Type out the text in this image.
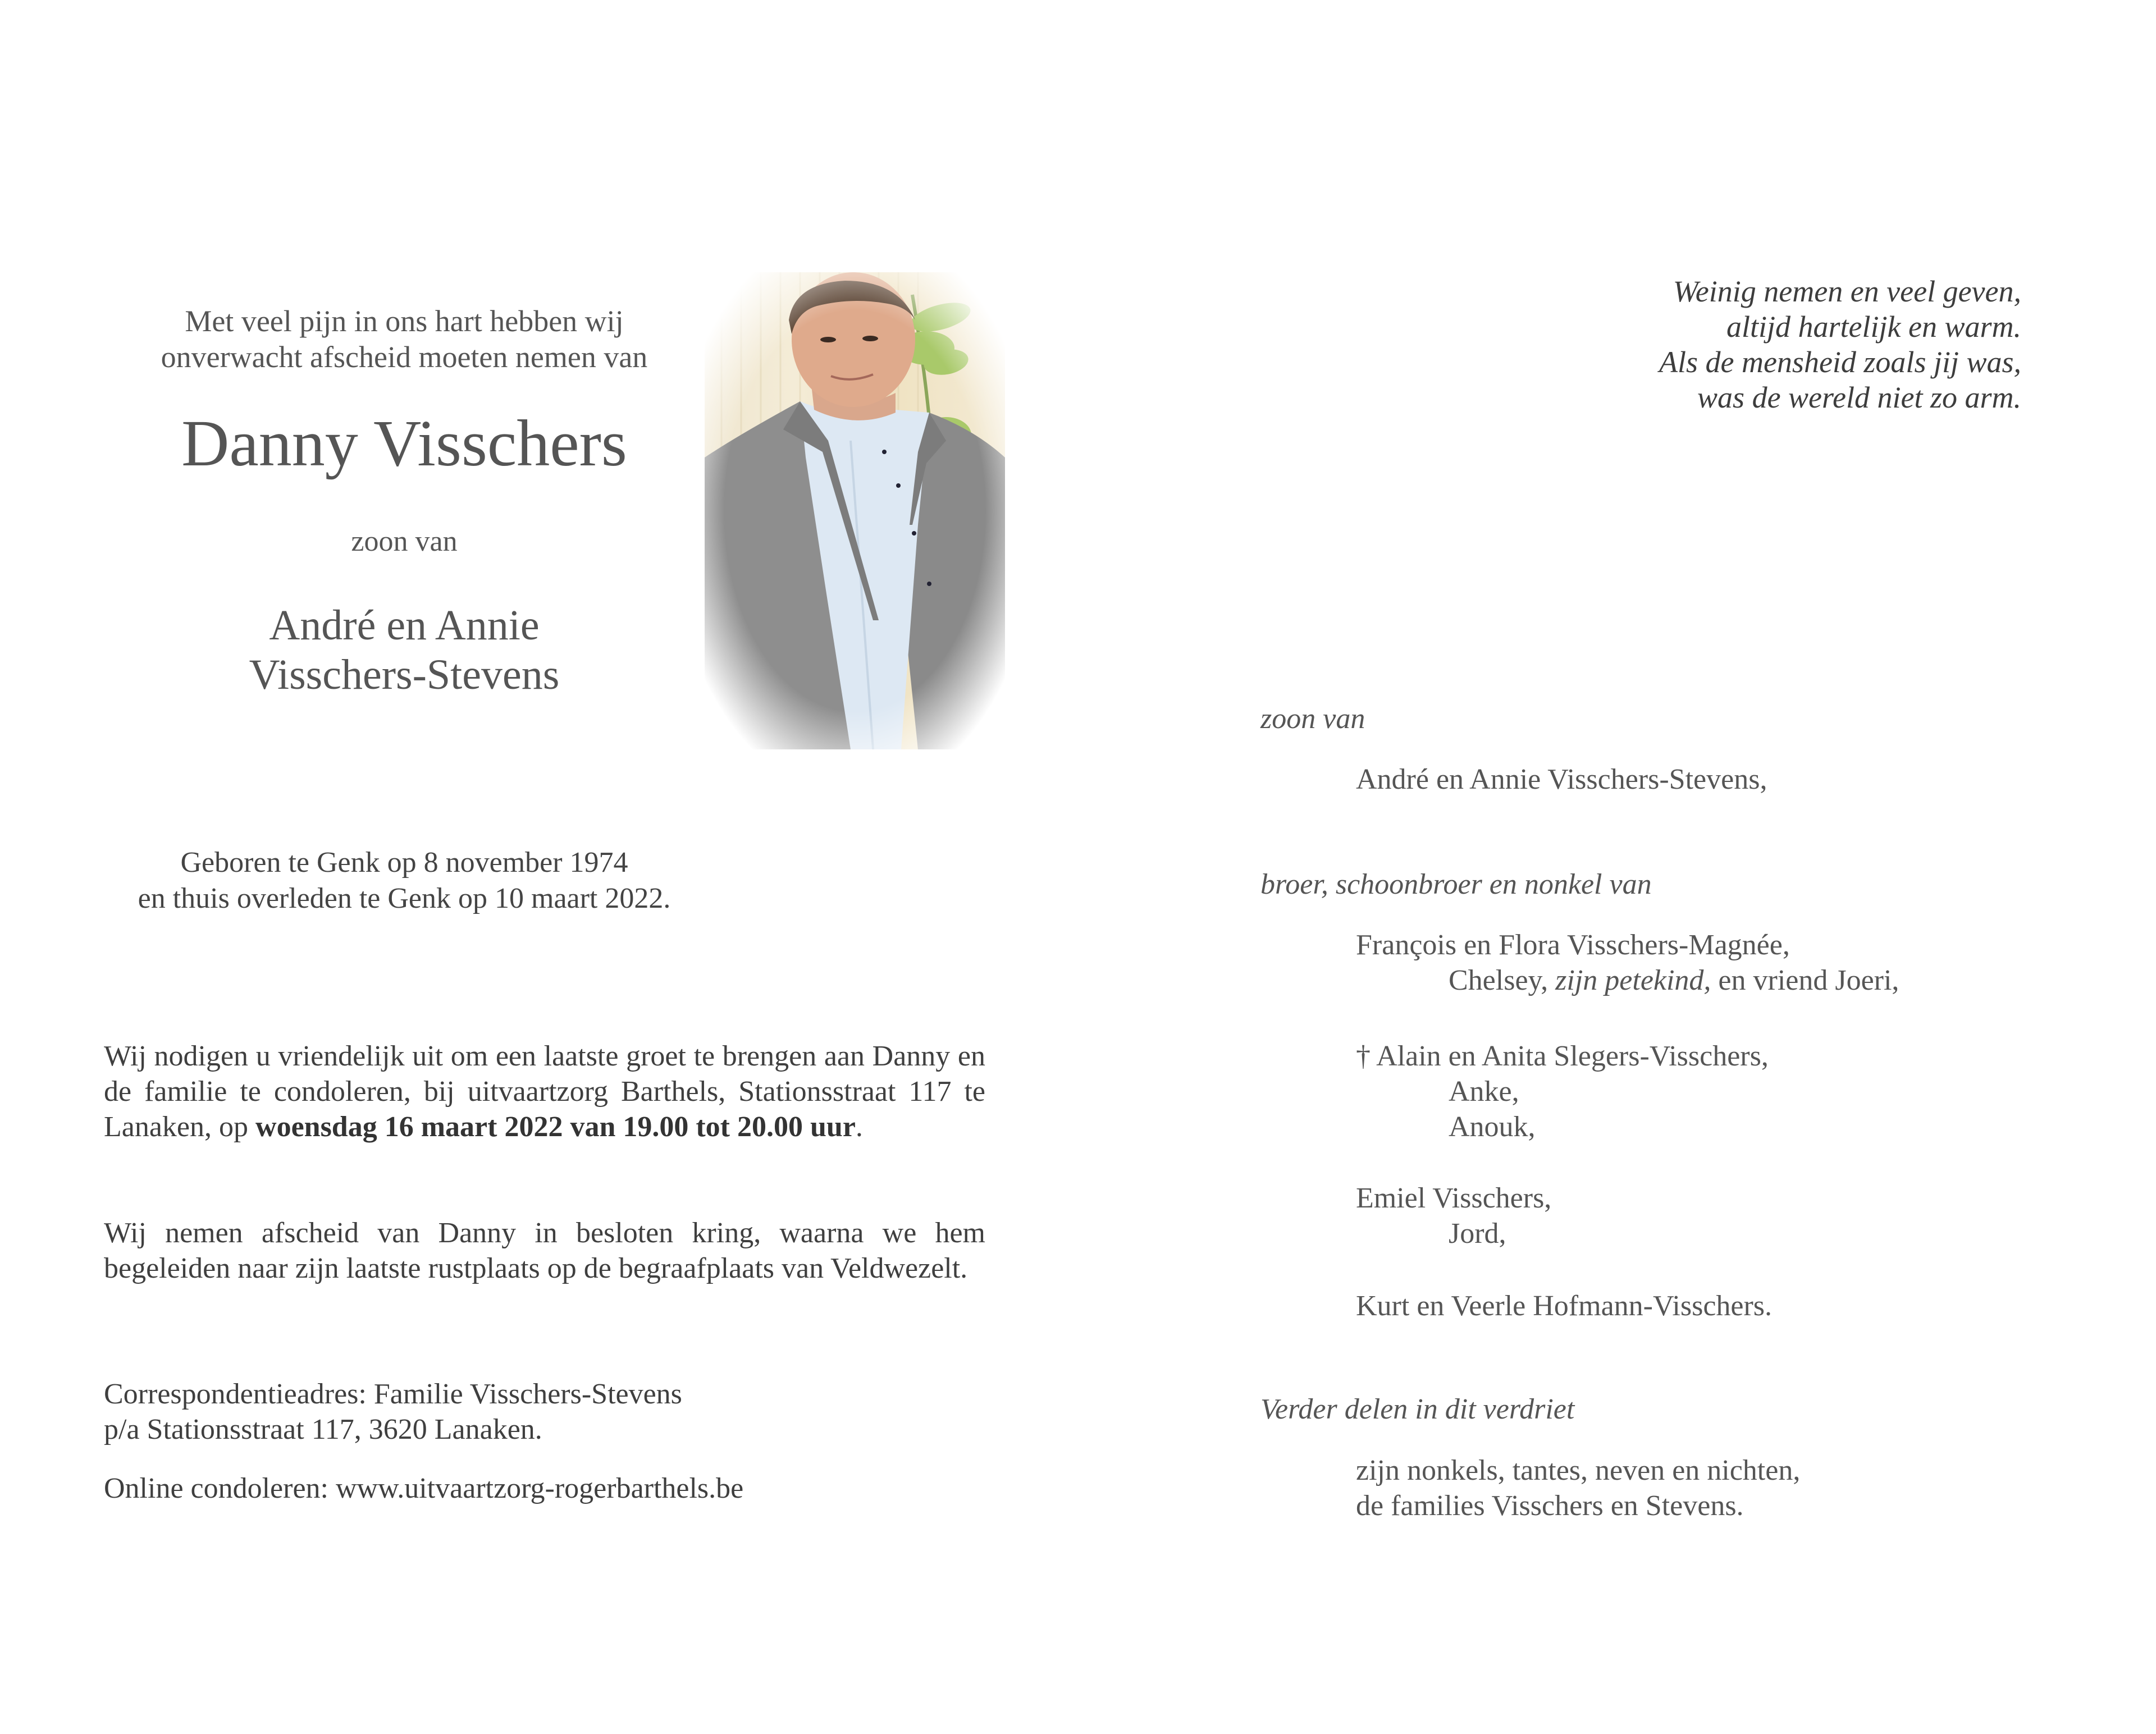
Met veel pijn in ons hart hebben wij
onverwacht afscheid moeten nemen van
Danny Visschers
zoon van
André en Annie
Visschers-Stevens
Geboren te Genk op 8 november 1974
en thuis overleden te Genk op 10 maart 2022.
Wij nodigen u vriendelijk uit om een laatste groet te brengen aan Danny en de familie te condoleren, bij uitvaartzorg Barthels, Stationsstraat 117 te Lanaken, op woensdag 16 maart 2022 van 19.00 tot 20.00 uur.
Wij nemen afscheid van Danny in besloten kring, waarna we hem begeleiden naar zijn laatste rustplaats op de begraafplaats van Veldwezelt.
Correspondentieadres: Familie Visschers-Stevens
p/a Stationsstraat 117, 3620 Lanaken.
Online condoleren: www.uitvaartzorg-rogerbarthels.be
Weinig nemen en veel geven,
altijd hartelijk en warm.
Als de mensheid zoals jij was,
was de wereld niet zo arm.
zoon van
André en Annie Visschers-Stevens,
broer, schoonbroer en nonkel van
François en Flora Visschers-Magnée,
Chelsey, zijn petekind, en vriend Joeri,
† Alain en Anita Slegers-Visschers,
Anke,
Anouk,
Emiel Visschers,
Jord,
Kurt en Veerle Hofmann-Visschers.
Verder delen in dit verdriet
zijn nonkels, tantes, neven en nichten,
de families Visschers en Stevens.
